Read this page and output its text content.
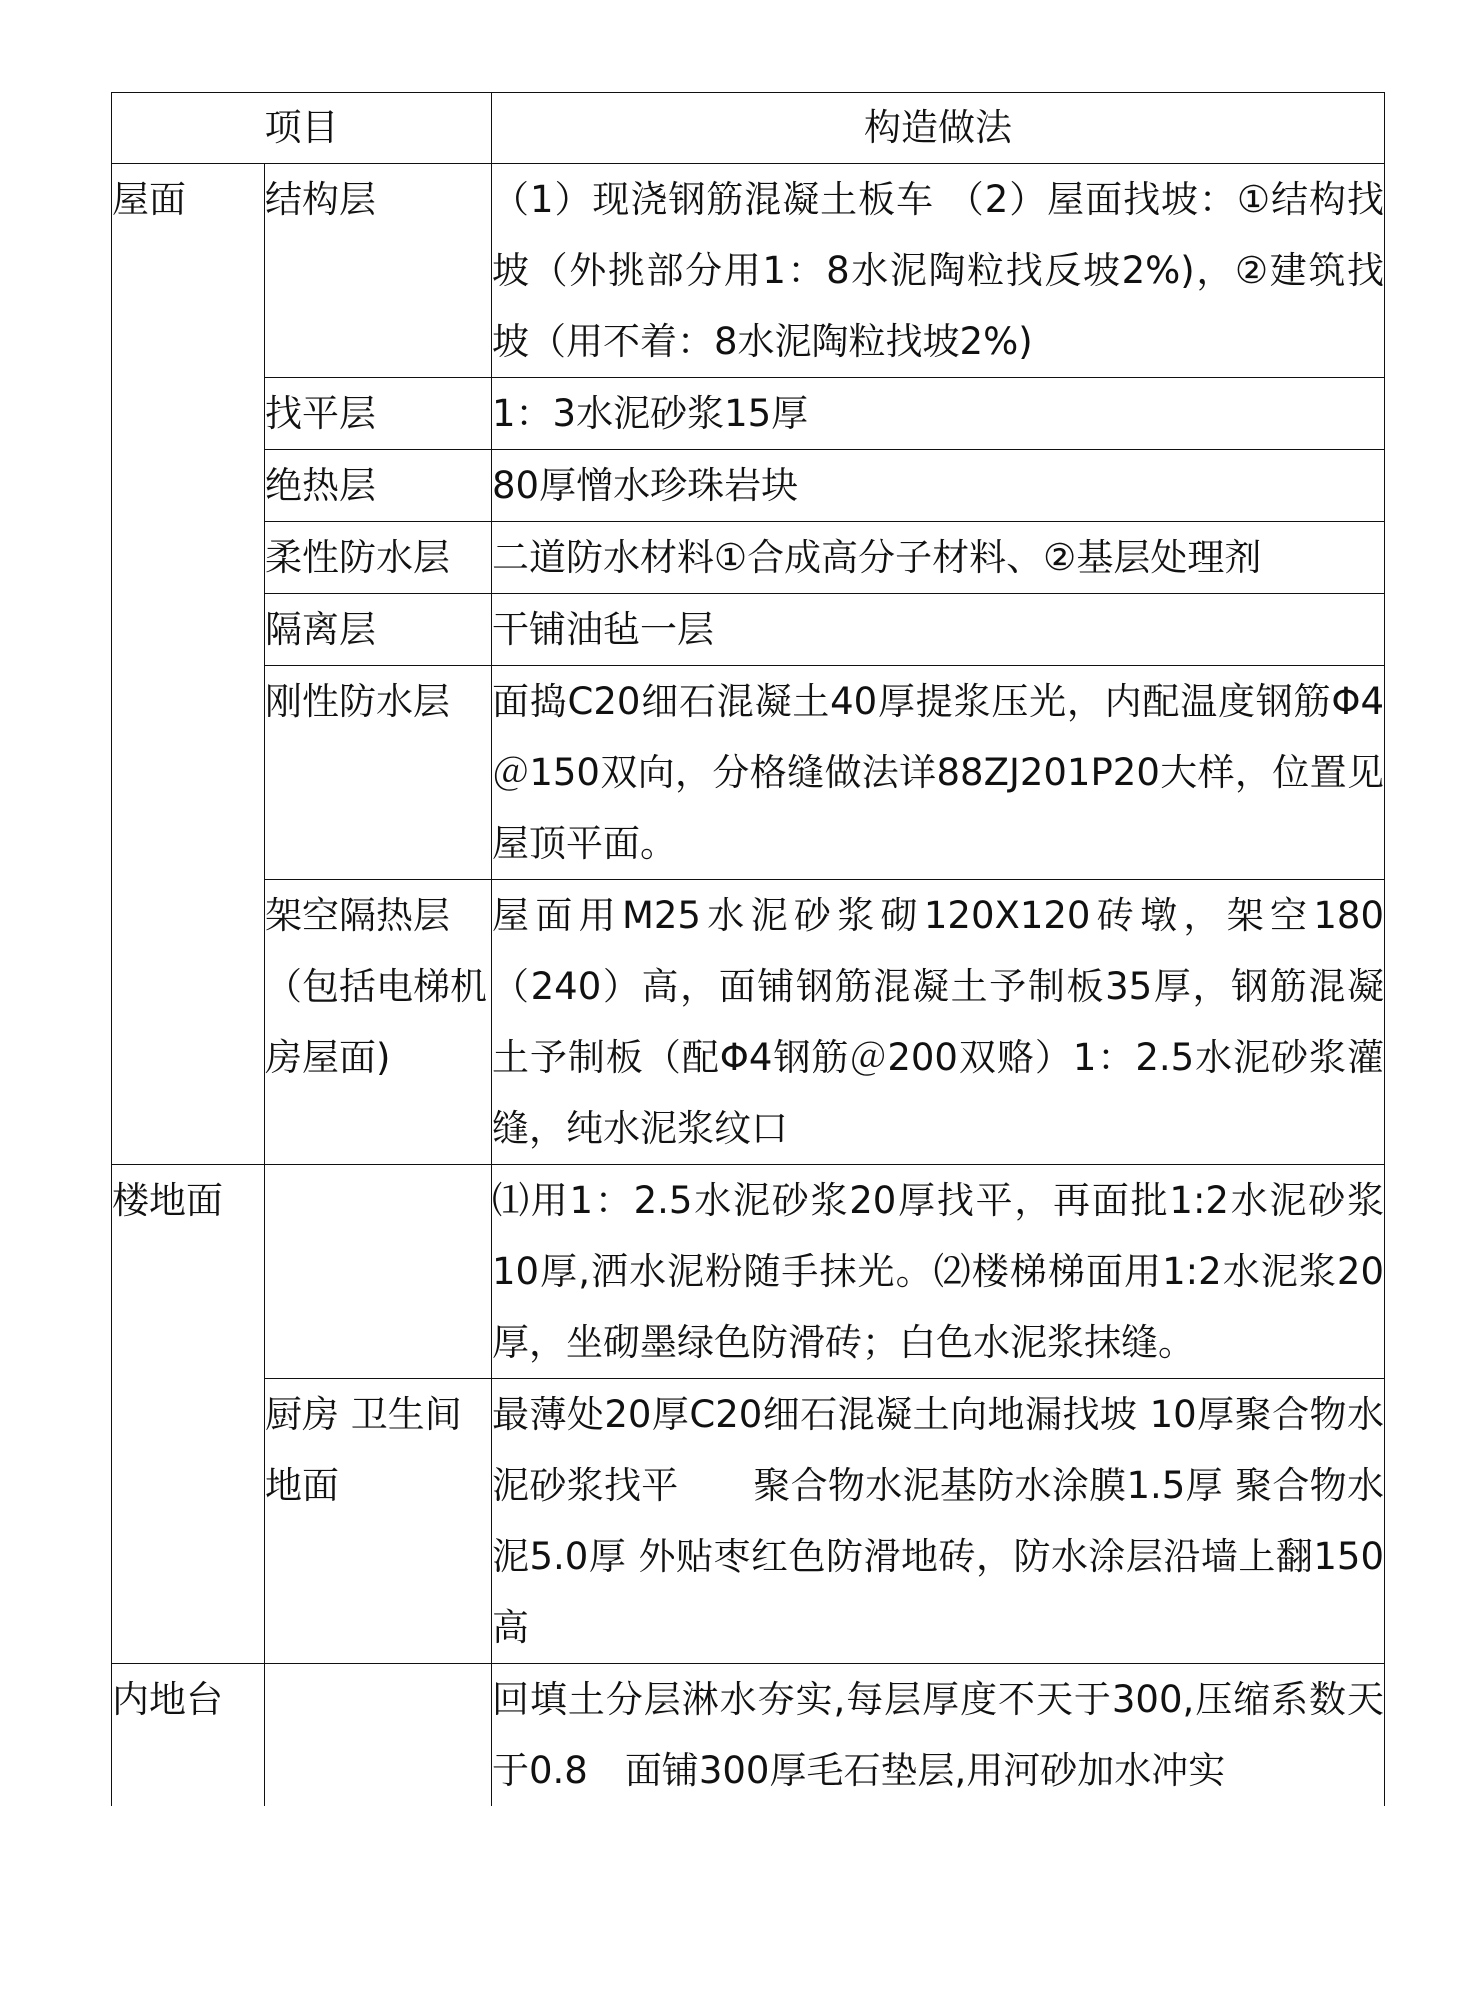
项目		构造做法
屋面	结构层	（1）现浇钢筋混凝土板车 （2）屋面找坡：①结构找坡（外挑部分用1：8水泥陶粒找反坡2%)，②建筑找坡（用不着：8水泥陶粒找坡2%)
	找平层	1：3水泥砂浆15厚
	绝热层	80厚憎水珍珠岩块
	柔性防水层	二道防水材料①合成高分子材料、②基层处理剂
	隔离层	干铺油毡一层
	刚性防水层	面捣C20细石混凝土40厚提浆压光，内配温度钢筋Φ4＠150双向，分格缝做法详88ZJ201P20大样，位置见屋顶平面。
	架空隔热层（包括电梯机房屋面)	屋面用M25水泥砂浆砌120X120砖墩，架空180（240）高，面铺钢筋混凝土予制板35厚，钢筋混凝土予制板（配Φ4钢筋＠200双赂）1：2.5水泥砂浆灌缝，纯水泥浆纹口
楼地面		⑴用1：2.5水泥砂浆20厚找平，再面批1:2水泥砂浆10厚,洒水泥粉随手抹光。⑵楼梯梯面用1:2水泥浆20厚，坐砌墨绿色防滑砖；白色水泥浆抹缝。
	厨房 卫生间地面	最薄处20厚C20细石混凝土向地漏找坡 10厚聚合物水泥砂浆找平　　聚合物水泥基防水涂膜1.5厚 聚合物水泥5.0厚 外贴枣红色防滑地砖，防水涂层沿墙上翻150高
内地台		回填土分层淋水夯实,每层厚度不天于300,压缩系数天于0.8　面铺300厚毛石垫层,用河砂加水冲实
